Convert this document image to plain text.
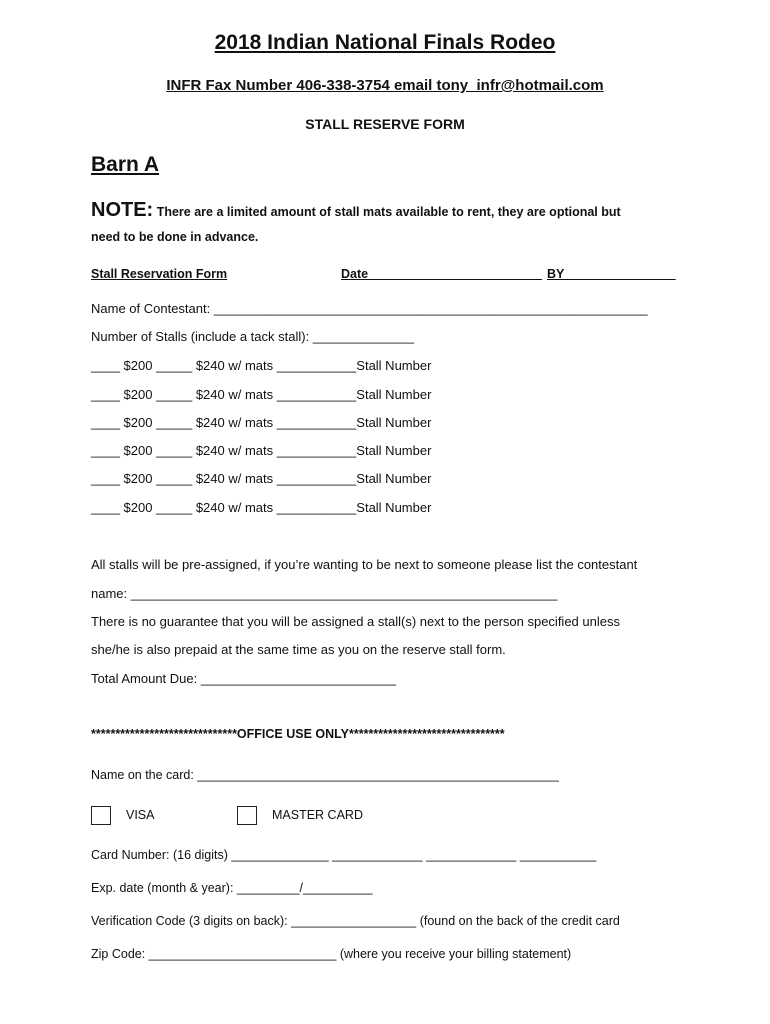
2018 Indian National Finals Rodeo
INFR Fax Number 406-338-3754 email tony_infr@hotmail.com
STALL RESERVE FORM
Barn A
NOTE: There are a limited amount of stall mats available to rent, they are optional but
need to be done in advance.
Stall Reservation Form	Date_________________________ BY________________
Name of Contestant: ____________________________________________________________
Number of Stalls (include a tack stall): ______________
____ $200 _____ $240 w/ mats ___________Stall Number
____ $200 _____ $240 w/ mats ___________Stall Number
____ $200 _____ $240 w/ mats ___________Stall Number
____ $200 _____ $240 w/ mats ___________Stall Number
____ $200 _____ $240 w/ mats ___________Stall Number
____ $200 _____ $240 w/ mats ___________Stall Number
All stalls will be pre-assigned, if you’re wanting to be next to someone please list the contestant
name: ___________________________________________________________
There is no guarantee that you will be assigned a stall(s) next to the person specified unless
she/he is also prepaid at the same time as you on the reserve stall form.
Total Amount Due: ___________________________
******************************OFFICE USE ONLY********************************
Name on the card: ____________________________________________________
VISA	MASTER CARD
Card Number: (16 digits) ______________ _____________ _____________ ___________
Exp. date (month & year): _________/__________
Verification Code (3 digits on back): __________________ (found on the back of the credit card
Zip Code: ___________________________ (where you receive your billing statement)
